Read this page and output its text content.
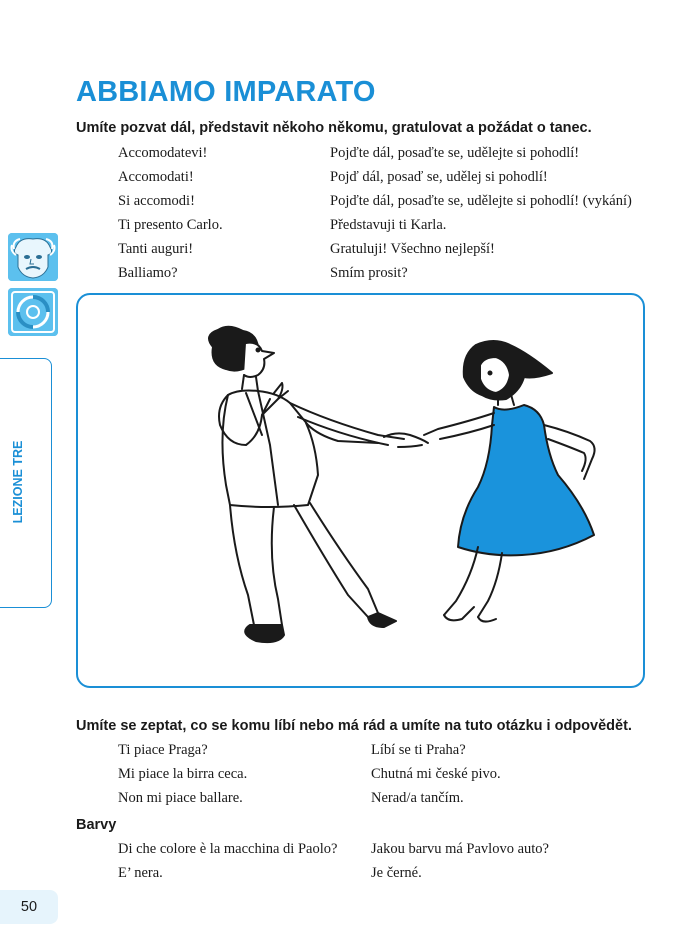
ABBIAMO IMPARATO

Umíte pozvat dál, představit někoho někomu, gratulovat a požádat o tanec.

Accomodatevi!	Pojďte dál, posaďte se, udělejte si pohodlí!
Accomodati!	Pojď dál, posaď se, udělej si pohodlí!
Si accomodi!	Pojďte dál, posaďte se, udělejte si pohodlí! (vykání)
Ti presento Carlo.	Představuji ti Karla.
Tanti auguri!	Gratuluji! Všechno nejlepší!
Balliamo?	Smím prosit?
LEZIONE TRE

Umíte se zeptat, co se komu líbí nebo má rád a umíte na tuto otázku i odpovědět.

Ti piace Praga?	Líbí se ti Praha?
Mi piace la birra ceca.	Chutná mi české pivo.
Non mi piace ballare.	Nerad/a tančím.

Barvy

Di che colore è la macchina di Paolo? Jakou barvu má Pavlovo auto?
E’ nera.	Je černé.
50
